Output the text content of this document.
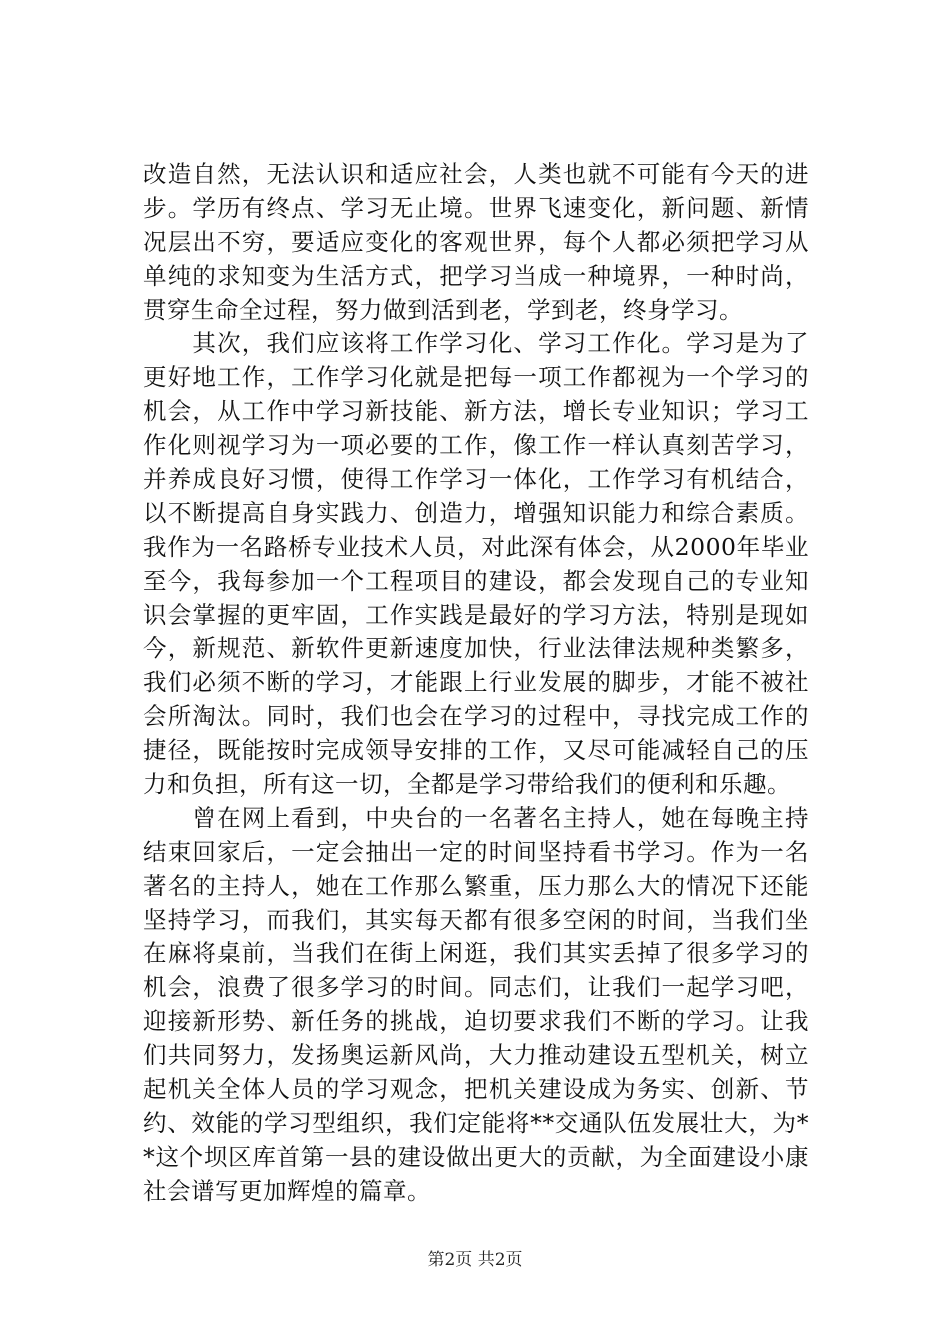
改造自然，无法认识和适应社会，人类也就不可能有今天的进
步。学历有终点、学习无止境。世界飞速变化，新问题、新情
况层出不穷，要适应变化的客观世界，每个人都必须把学习从
单纯的求知变为生活方式，把学习当成一种境界，一种时尚，
贯穿生命全过程，努力做到活到老，学到老，终身学习。
　　其次，我们应该将工作学习化、学习工作化。学习是为了
更好地工作，工作学习化就是把每一项工作都视为一个学习的
机会，从工作中学习新技能、新方法，增长专业知识；学习工
作化则视学习为一项必要的工作，像工作一样认真刻苦学习，
并养成良好习惯，使得工作学习一体化，工作学习有机结合，
以不断提高自身实践力、创造力，增强知识能力和综合素质。
我作为一名路桥专业技术人员，对此深有体会，从2000年毕业
至今，我每参加一个工程项目的建设，都会发现自己的专业知
识会掌握的更牢固，工作实践是最好的学习方法，特别是现如
今，新规范、新软件更新速度加快，行业法律法规种类繁多，
我们必须不断的学习，才能跟上行业发展的脚步，才能不被社
会所淘汰。同时，我们也会在学习的过程中，寻找完成工作的
捷径，既能按时完成领导安排的工作，又尽可能减轻自己的压
力和负担，所有这一切，全都是学习带给我们的便利和乐趣。
　　曾在网上看到，中央台的一名著名主持人，她在每晚主持
结束回家后，一定会抽出一定的时间坚持看书学习。作为一名
著名的主持人，她在工作那么繁重，压力那么大的情况下还能
坚持学习，而我们，其实每天都有很多空闲的时间，当我们坐
在麻将桌前，当我们在街上闲逛，我们其实丢掉了很多学习的
机会，浪费了很多学习的时间。同志们，让我们一起学习吧，
迎接新形势、新任务的挑战，迫切要求我们不断的学习。让我
们共同努力，发扬奥运新风尚，大力推动建设五型机关，树立
起机关全体人员的学习观念，把机关建设成为务实、创新、节
约、效能的学习型组织，我们定能将**交通队伍发展壮大，为*
*这个坝区库首第一县的建设做出更大的贡献，为全面建设小康
社会谱写更加辉煌的篇章。
第2页 共2页
